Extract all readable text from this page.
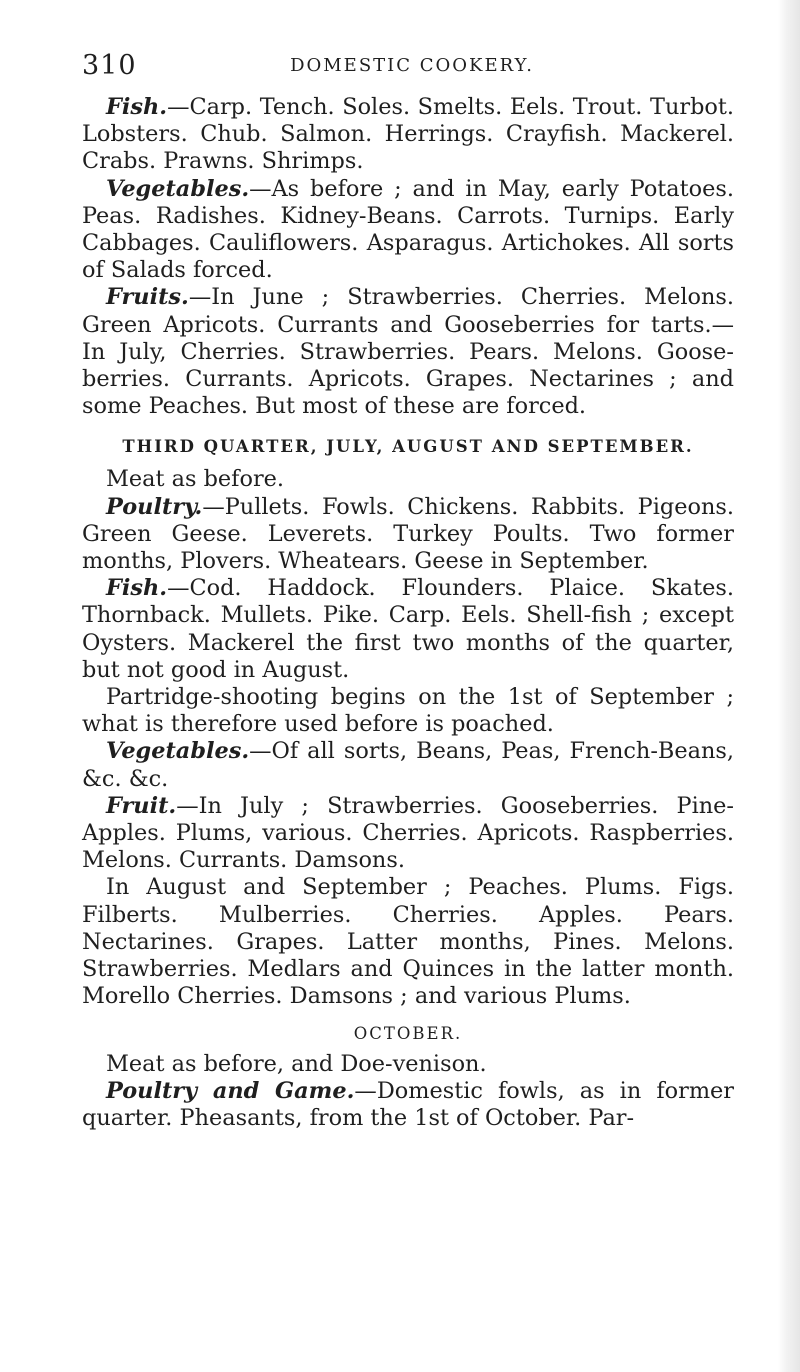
310	DOMESTIC COOKERY.

Fish.—Carp. Tench. Soles. Smelts. Eels. Trout. Turbot. Lobsters. Chub. Salmon. Herrings. Crayfish. Mackerel. Crabs. Prawns. Shrimps.

Vegetables.—As before ; and in May, early Potatoes. Peas. Radishes. Kidney-Beans. Carrots. Turnips. Early Cabbages. Cauliflowers. Asparagus. Artichokes. All sorts of Salads forced.

Fruits.—In June ; Strawberries. Cherries. Melons. Green Apricots. Currants and Gooseberries for tarts.— In July, Cherries. Strawberries. Pears. Melons. Goose-berries. Currants. Apricots. Grapes. Nectarines ; and some Peaches. But most of these are forced.

THIRD QUARTER, JULY, AUGUST AND SEPTEMBER.

Meat as before.

Poultry.—Pullets. Fowls. Chickens. Rabbits. Pigeons. Green Geese. Leverets. Turkey Poults. Two former months, Plovers. Wheatears. Geese in September.

Fish.—Cod. Haddock. Flounders. Plaice. Skates. Thornback. Mullets. Pike. Carp. Eels. Shell-fish ; except Oysters. Mackerel the first two months of the quarter, but not good in August.

Partridge-shooting begins on the 1st of September ; what is therefore used before is poached.

Vegetables.—Of all sorts, Beans, Peas, French-Beans, &c. &c.

Fruit.—In July ; Strawberries. Gooseberries. Pine-Apples. Plums, various. Cherries. Apricots. Raspberries. Melons. Currants. Damsons.

In August and September ; Peaches. Plums. Figs. Filberts. Mulberries. Cherries. Apples. Pears. Nectarines. Grapes. Latter months, Pines. Melons. Strawberries. Medlars and Quinces in the latter month. Morello Cherries. Damsons ; and various Plums.

OCTOBER.

Meat as before, and Doe-venison.

Poultry and Game.—Domestic fowls, as in former quarter. Pheasants, from the 1st of October. Par-
